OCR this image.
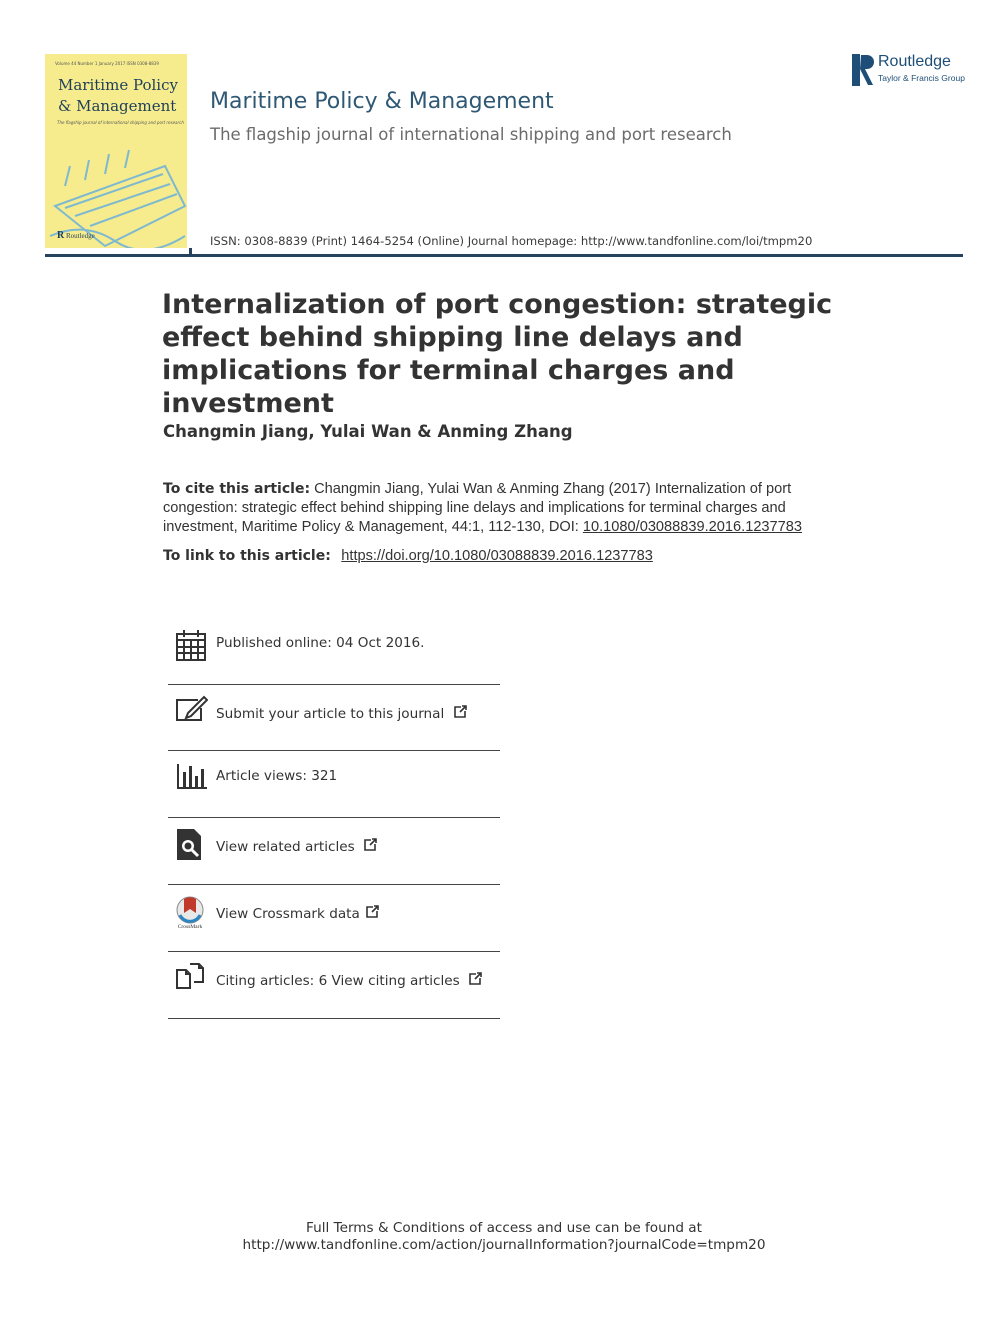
Volume 44 Number 1 January 2017 ISSN 0308-8839
Maritime Policy
& Management
The flagship journal of international shipping and port research
R Routledge
Maritime Policy & Management
The flagship journal of international shipping and port research
ISSN: 0308-8839 (Print) 1464-5254 (Online) Journal homepage: http://www.tandfonline.com/loi/tmpm20
Routledge
Taylor & Francis Group
Internalization of port congestion: strategic effect behind shipping line delays and implications for terminal charges and investment
Changmin Jiang, Yulai Wan & Anming Zhang
To cite this article: Changmin Jiang, Yulai Wan & Anming Zhang (2017) Internalization of port congestion: strategic effect behind shipping line delays and implications for terminal charges and investment, Maritime Policy & Management, 44:1, 112-130, DOI: 10.1080/03088839.2016.1237783
To link to this article: https://doi.org/10.1080/03088839.2016.1237783
Published online: 04 Oct 2016.
Submit your article to this journal
Article views: 321
View related articles
CrossMark
View Crossmark data
Citing articles: 6 View citing articles
Full Terms & Conditions of access and use can be found at
http://www.tandfonline.com/action/journalInformation?journalCode=tmpm20
